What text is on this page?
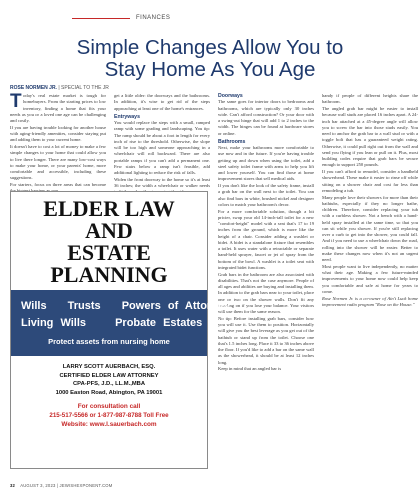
FINANCES
Simple Changes Allow You to
Stay Home As You Age
ROSE NORMEN JR. | SPECIAL TO THE JR

Today's real estate market is tough for homebuyers. From the starting prices to low inventory, finding a home that fits your needs as you or a loved one age can be challenging and costly.

If you are having trouble looking for another house with aging-friendly amenities, consider staying put and adding them to your current home.

It doesn't have to cost a lot of money to make a few simple changes to your home that could allow you to live there longer. There are many low-cost ways to make your home, or your parents' home, more comfortable and accessible, including these suggestions.

For starters, focus on three areas that can become

get a little older: the doorways and the bathrooms. In addition, it's wise to get rid of the steps approaching at least one of the home's entrances.

Entryways

You would replace the steps with a small, ramped ramp with some grading and landscaping. You tip: The ramp should be about a foot in length for every inch of rise to the threshold. Otherwise, the slope will be too high and someone approaching in a wheelchair will roll backward. There are also portable ramps if you can't add a permanent one. Few stairs below a ramp isn't feasible, add additional lighting to reduce the risk of falls.

Widen the front doorway to the home so it's at least 36 inches; the width a wheelchair or walker needs

Doorways

The same goes for interior doors to bedrooms and bathrooms, which are typically only 30 inches wide. Can't afford construction? Or your door with a swing-out hinge that will add 1 to 2 inches to the width. The hinges can be found at hardware stores or online.

Bathrooms

Next, make your bathrooms more comfortable to use now and in the future. If you're having trouble getting up and down when using the toilet, add a steel safety toilet frame with arms to help you lift and lower yourself. You can find those at home improvement stores that sell medical aids.

If you don't like the look of the safety frame, install a grab bar on the wall next to the toilet. You can also find bars in white, brushed nickel and designer colors to match your bathroom's decor.

For a more comfortable solution, though a bit pricier, swap your old 14-inch-tall toilet for a new "comfort-height" model with a seat that's 17 to 19 inches from the ground, which is more like the height of a chair. Consider adding a washlet or bidet. A bidet is a standalone fixture that resembles a toilet. It uses water with a retractable or separate hand-held sprayer, faucet or jet of spray from the bottom of the bowl. A washlet is a toilet seat with integrated bidet functions.

Grab bars in the bathroom are also associated with disabilities. That's not the case anymore. People of all ages and abilities are buying and installing them. In addition to the grab bars near to your toilet, place one or two on the shower walls. Don't fit any toweling on if you lose your balance. Your visitors will use them for the same reason.

No tip: Before installing grab bars, consider how you will use it. Use them to position. Horizontally will give you the best leverage as you get out of the bathtub or stand up from the toilet. Choose one that's 1.5 inches long. Place it 33 to 36 inches above the floor. If you'd like to add a bar on the same wall as the showerhead, it should be at least 12 inches long.

Keep in mind that an angled bar is

handy if people of different heights share the bathroom.

The angled grab bar might be easier to install because wall studs are placed 16 inches apart. A 24-inch bar attached at a 45-degree angle will allow you to screw the bar into those studs easily. You need to anchor the grab bar to a wall stud or with a toggle bolt that has a guaranteed weight rating. Otherwise, it could pull right out from the wall and send you flying if you lean or pull on it. Plus, most building codes require that grab bars be secure enough to support 250 pounds.

If you can't afford to remodel, consider a handheld showerhead. These make it easier to rinse off while sitting on a shower chair and cost far less than remodeling a tub.

Many people love their showers for more than their bathtubs, especially if they no longer bathe, children. Therefore, consider replacing your tub with a curbless shower. Not a bench with a hand-held spray installed at the same time, so that you can sit while you shower. If you're still replacing over a curb to get into the shower, you could fall. And if you need to use a wheelchair down the road, rolling into the shower will be easier. Better to make these changes now when it's not an urgent need.

Most people want to live independently, no matter what their age. Making a few future-minded improvements to your home now could help keep you comfortable and safe at home for years to come.

Rose Normen Jr. is a co-owner of Ain't Luck home improvement radio program "Rose on the House."

ELDER LAW
AND
ESTATE PLANNING
Wills Trusts Powers of Attorney
Living Wills	Probate Estates
Protect assets from nursing home
LARRY SCOTT AUERBACH, ESQ.
CERTIFIED ELDER LAW ATTORNEY
CPA-PFS, J.D., LL.M.,MBA
1000 Easton Road, Abington, PA 19001
For consultation call
215-517-5566 or 1-877-987-8788 Toll Free
Website: www.l.sauerbach.com
32 AUGUST 3, 2023 | JEWISHEXPONENT.COM
